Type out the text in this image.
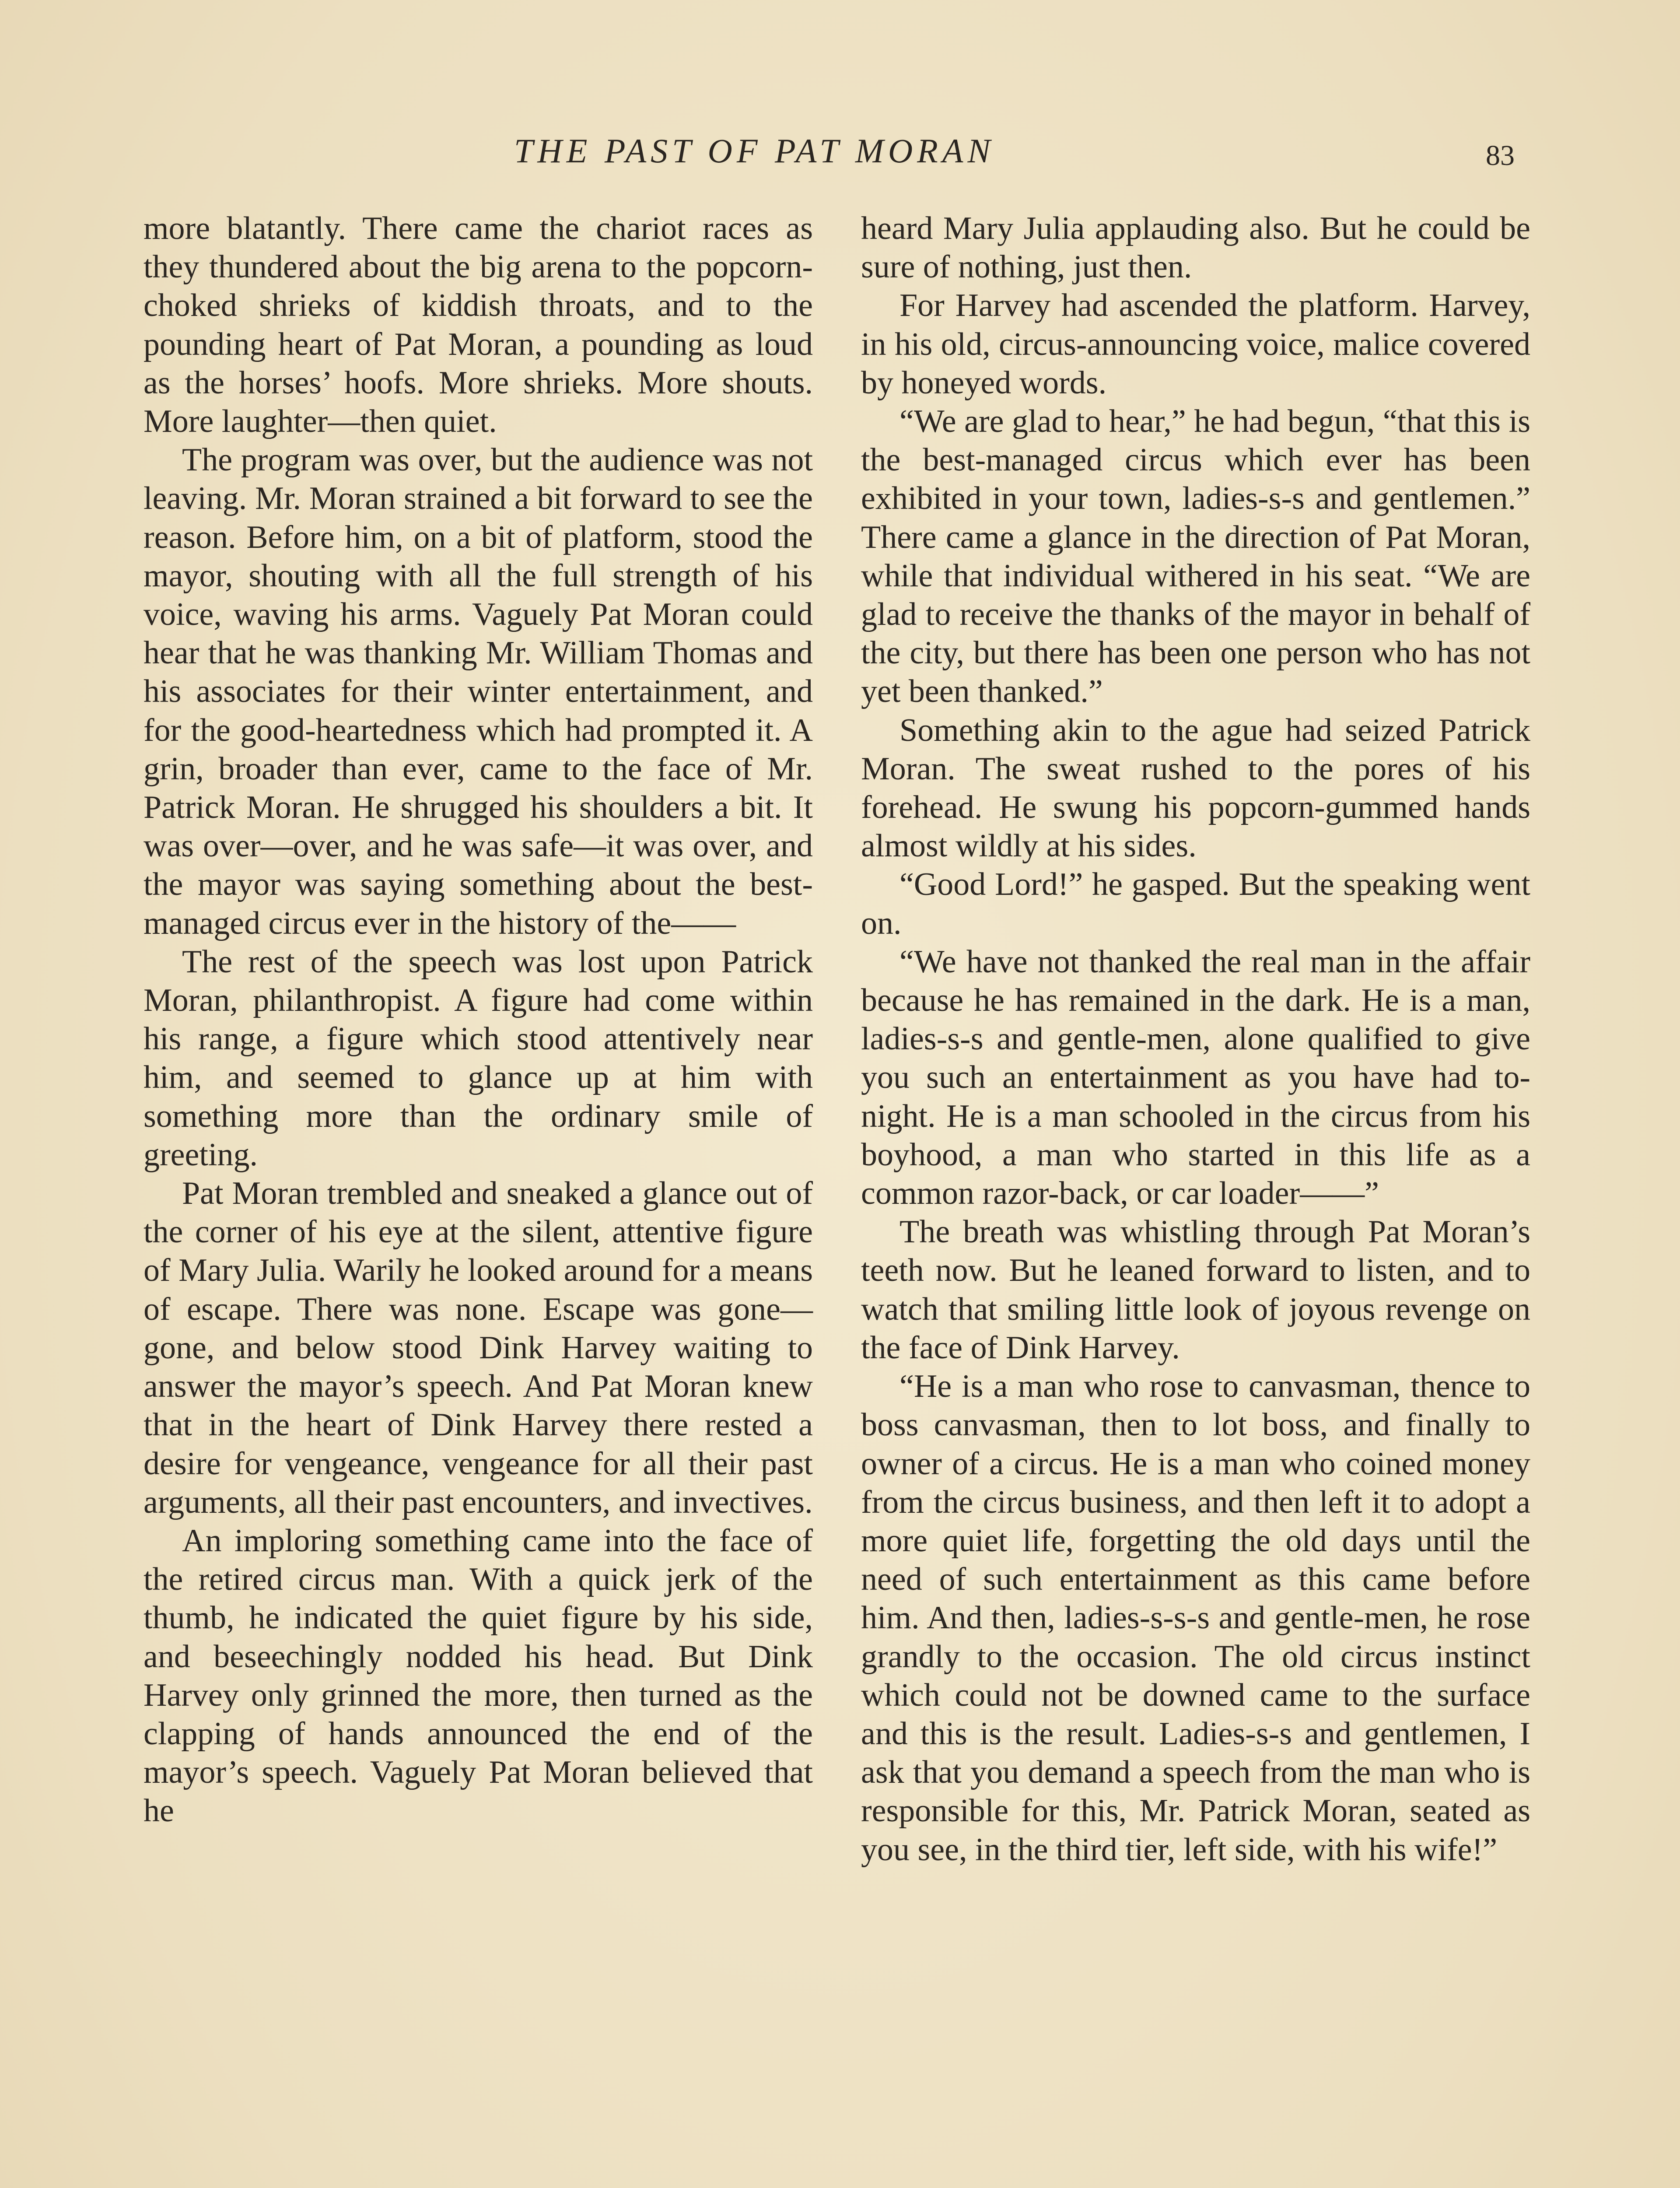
THE PAST OF PAT MORAN	83

more blatantly. There came the chariot races as they thundered about the big arena to the popcorn-choked shrieks of kiddish throats, and to the pounding heart of Pat Moran, a pounding as loud as the horses’ hoofs. More shrieks. More shouts. More laughter—then quiet.

The program was over, but the audience was not leaving. Mr. Moran strained a bit forward to see the reason. Before him, on a bit of platform, stood the mayor, shouting with all the full strength of his voice, waving his arms. Vaguely Pat Moran could hear that he was thanking Mr. William Thomas and his associates for their winter entertainment, and for the good-heartedness which had prompted it. A grin, broader than ever, came to the face of Mr. Patrick Moran. He shrugged his shoulders a bit. It was over—over, and he was safe—it was over, and the mayor was saying something about the best-managed circus ever in the history of the——

The rest of the speech was lost upon Patrick Moran, philanthropist. A figure had come within his range, a figure which stood attentively near him, and seemed to glance up at him with something more than the ordinary smile of greeting.

Pat Moran trembled and sneaked a glance out of the corner of his eye at the silent, attentive figure of Mary Julia. Warily he looked around for a means of escape. There was none. Escape was gone—gone, and below stood Dink Harvey waiting to answer the mayor’s speech. And Pat Moran knew that in the heart of Dink Harvey there rested a desire for vengeance, vengeance for all their past arguments, all their past encounters, and invectives.

An imploring something came into the face of the retired circus man. With a quick jerk of the thumb, he indicated the quiet figure by his side, and beseechingly nodded his head. But Dink Harvey only grinned the more, then turned as the clapping of hands announced the end of the mayor’s speech. Vaguely Pat Moran believed that he

heard Mary Julia applauding also. But he could be sure of nothing, just then.

For Harvey had ascended the platform. Harvey, in his old, circus-announcing voice, malice covered by honeyed words.

“We are glad to hear,” he had begun, “that this is the best-managed circus which ever has been exhibited in your town, ladies-s-s and gentlemen.” There came a glance in the direction of Pat Moran, while that individual withered in his seat. “We are glad to receive the thanks of the mayor in behalf of the city, but there has been one person who has not yet been thanked.”

Something akin to the ague had seized Patrick Moran. The sweat rushed to the pores of his forehead. He swung his popcorn-gummed hands almost wildly at his sides.

“Good Lord!” he gasped. But the speaking went on.

“We have not thanked the real man in the affair because he has remained in the dark. He is a man, ladies-s-s and gentle-men, alone qualified to give you such an entertainment as you have had to-night. He is a man schooled in the circus from his boyhood, a man who started in this life as a common razor-back, or car loader——”

The breath was whistling through Pat Moran’s teeth now. But he leaned forward to listen, and to watch that smiling little look of joyous revenge on the face of Dink Harvey.

“He is a man who rose to canvasman, thence to boss canvasman, then to lot boss, and finally to owner of a circus. He is a man who coined money from the circus business, and then left it to adopt a more quiet life, forgetting the old days until the need of such entertainment as this came before him. And then, ladies-s-s-s and gentle-men, he rose grandly to the occasion. The old circus instinct which could not be downed came to the surface and this is the result. Ladies-s-s and gentlemen, I ask that you demand a speech from the man who is responsible for this, Mr. Patrick Moran, seated as you see, in the third tier, left side, with his wife!”
